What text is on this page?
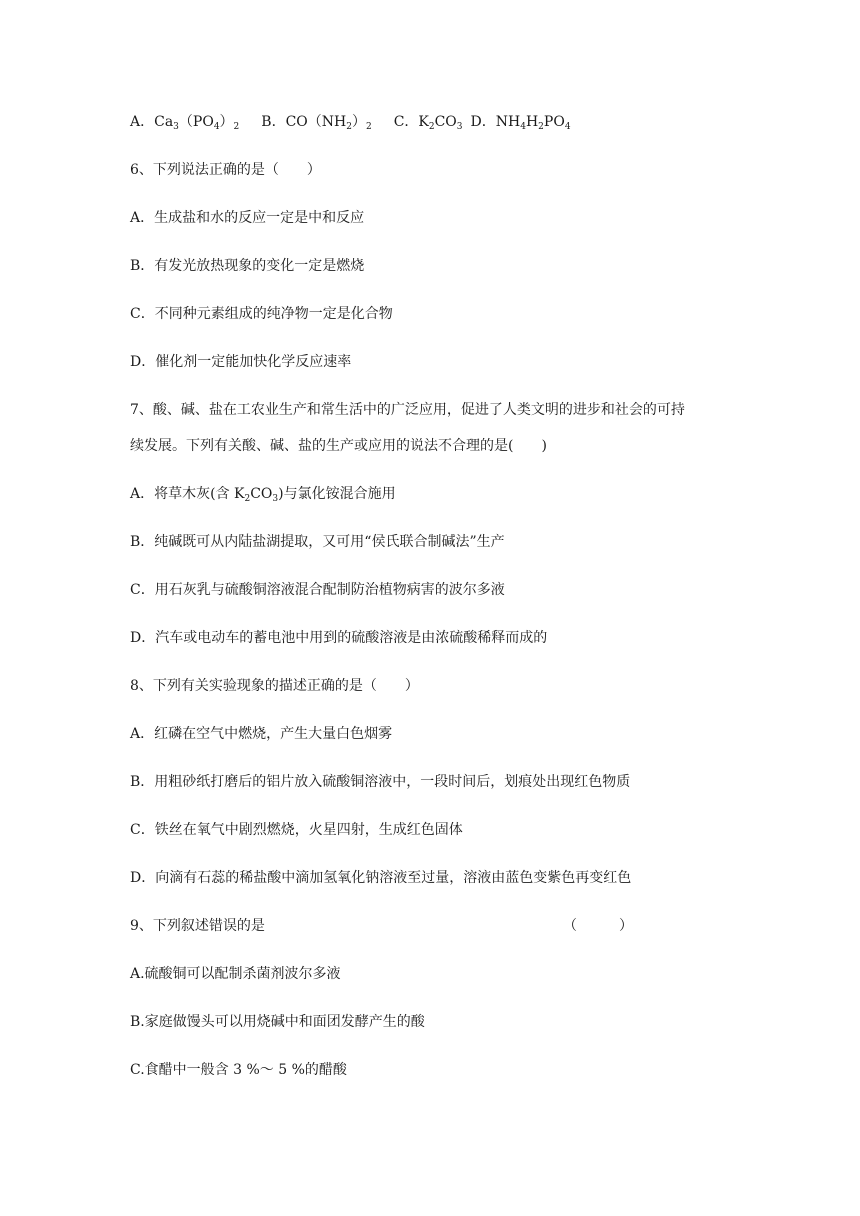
A．$Ca_3(PO_4)_2$ B．$CO(NH_2)_2$ C．$K_2CO_3$ D．$NH_4H_2PO_4$
6、下列说法正确的是（　　）
A．生成盐和水的反应一定是中和反应
B．有发光放热现象的变化一定是燃烧
C．不同种元素组成的纯净物一定是化合物
D．催化剂一定能加快化学反应速率
7、酸、碱、盐在工农业生产和常生活中的广泛应用，促进了人类文明的进步和社会的可持
续发展。下列有关酸、碱、盐的生产或应用的说法不合理的是(　　)
A．将草木灰(含 $K_2CO_3$)与氯化铵混合施用
B．纯碱既可从内陆盐湖提取，又可用“侯氏联合制碱法”生产
C．用石灰乳与硫酸铜溶液混合配制防治植物病害的波尔多液
D．汽车或电动车的蓄电池中用到的硫酸溶液是由浓硫酸稀释而成的
8、下列有关实验现象的描述正确的是（　　）
A．红磷在空气中燃烧，产生大量白色烟雾
B．用粗砂纸打磨后的铝片放入硫酸铜溶液中，一段时间后，划痕处出现红色物质
C．铁丝在氧气中剧烈燃烧，火星四射，生成红色固体
D．向滴有石蕊的稀盐酸中滴加氢氧化钠溶液至过量，溶液由蓝色变紫色再变红色
9、下列叙述错误的是	（　　　）
A.硫酸铜可以配制杀菌剂波尔多液
B.家庭做馒头可以用烧碱中和面团发酵产生的酸
C.食醋中一般含 3 %～ 5 %的醋酸
